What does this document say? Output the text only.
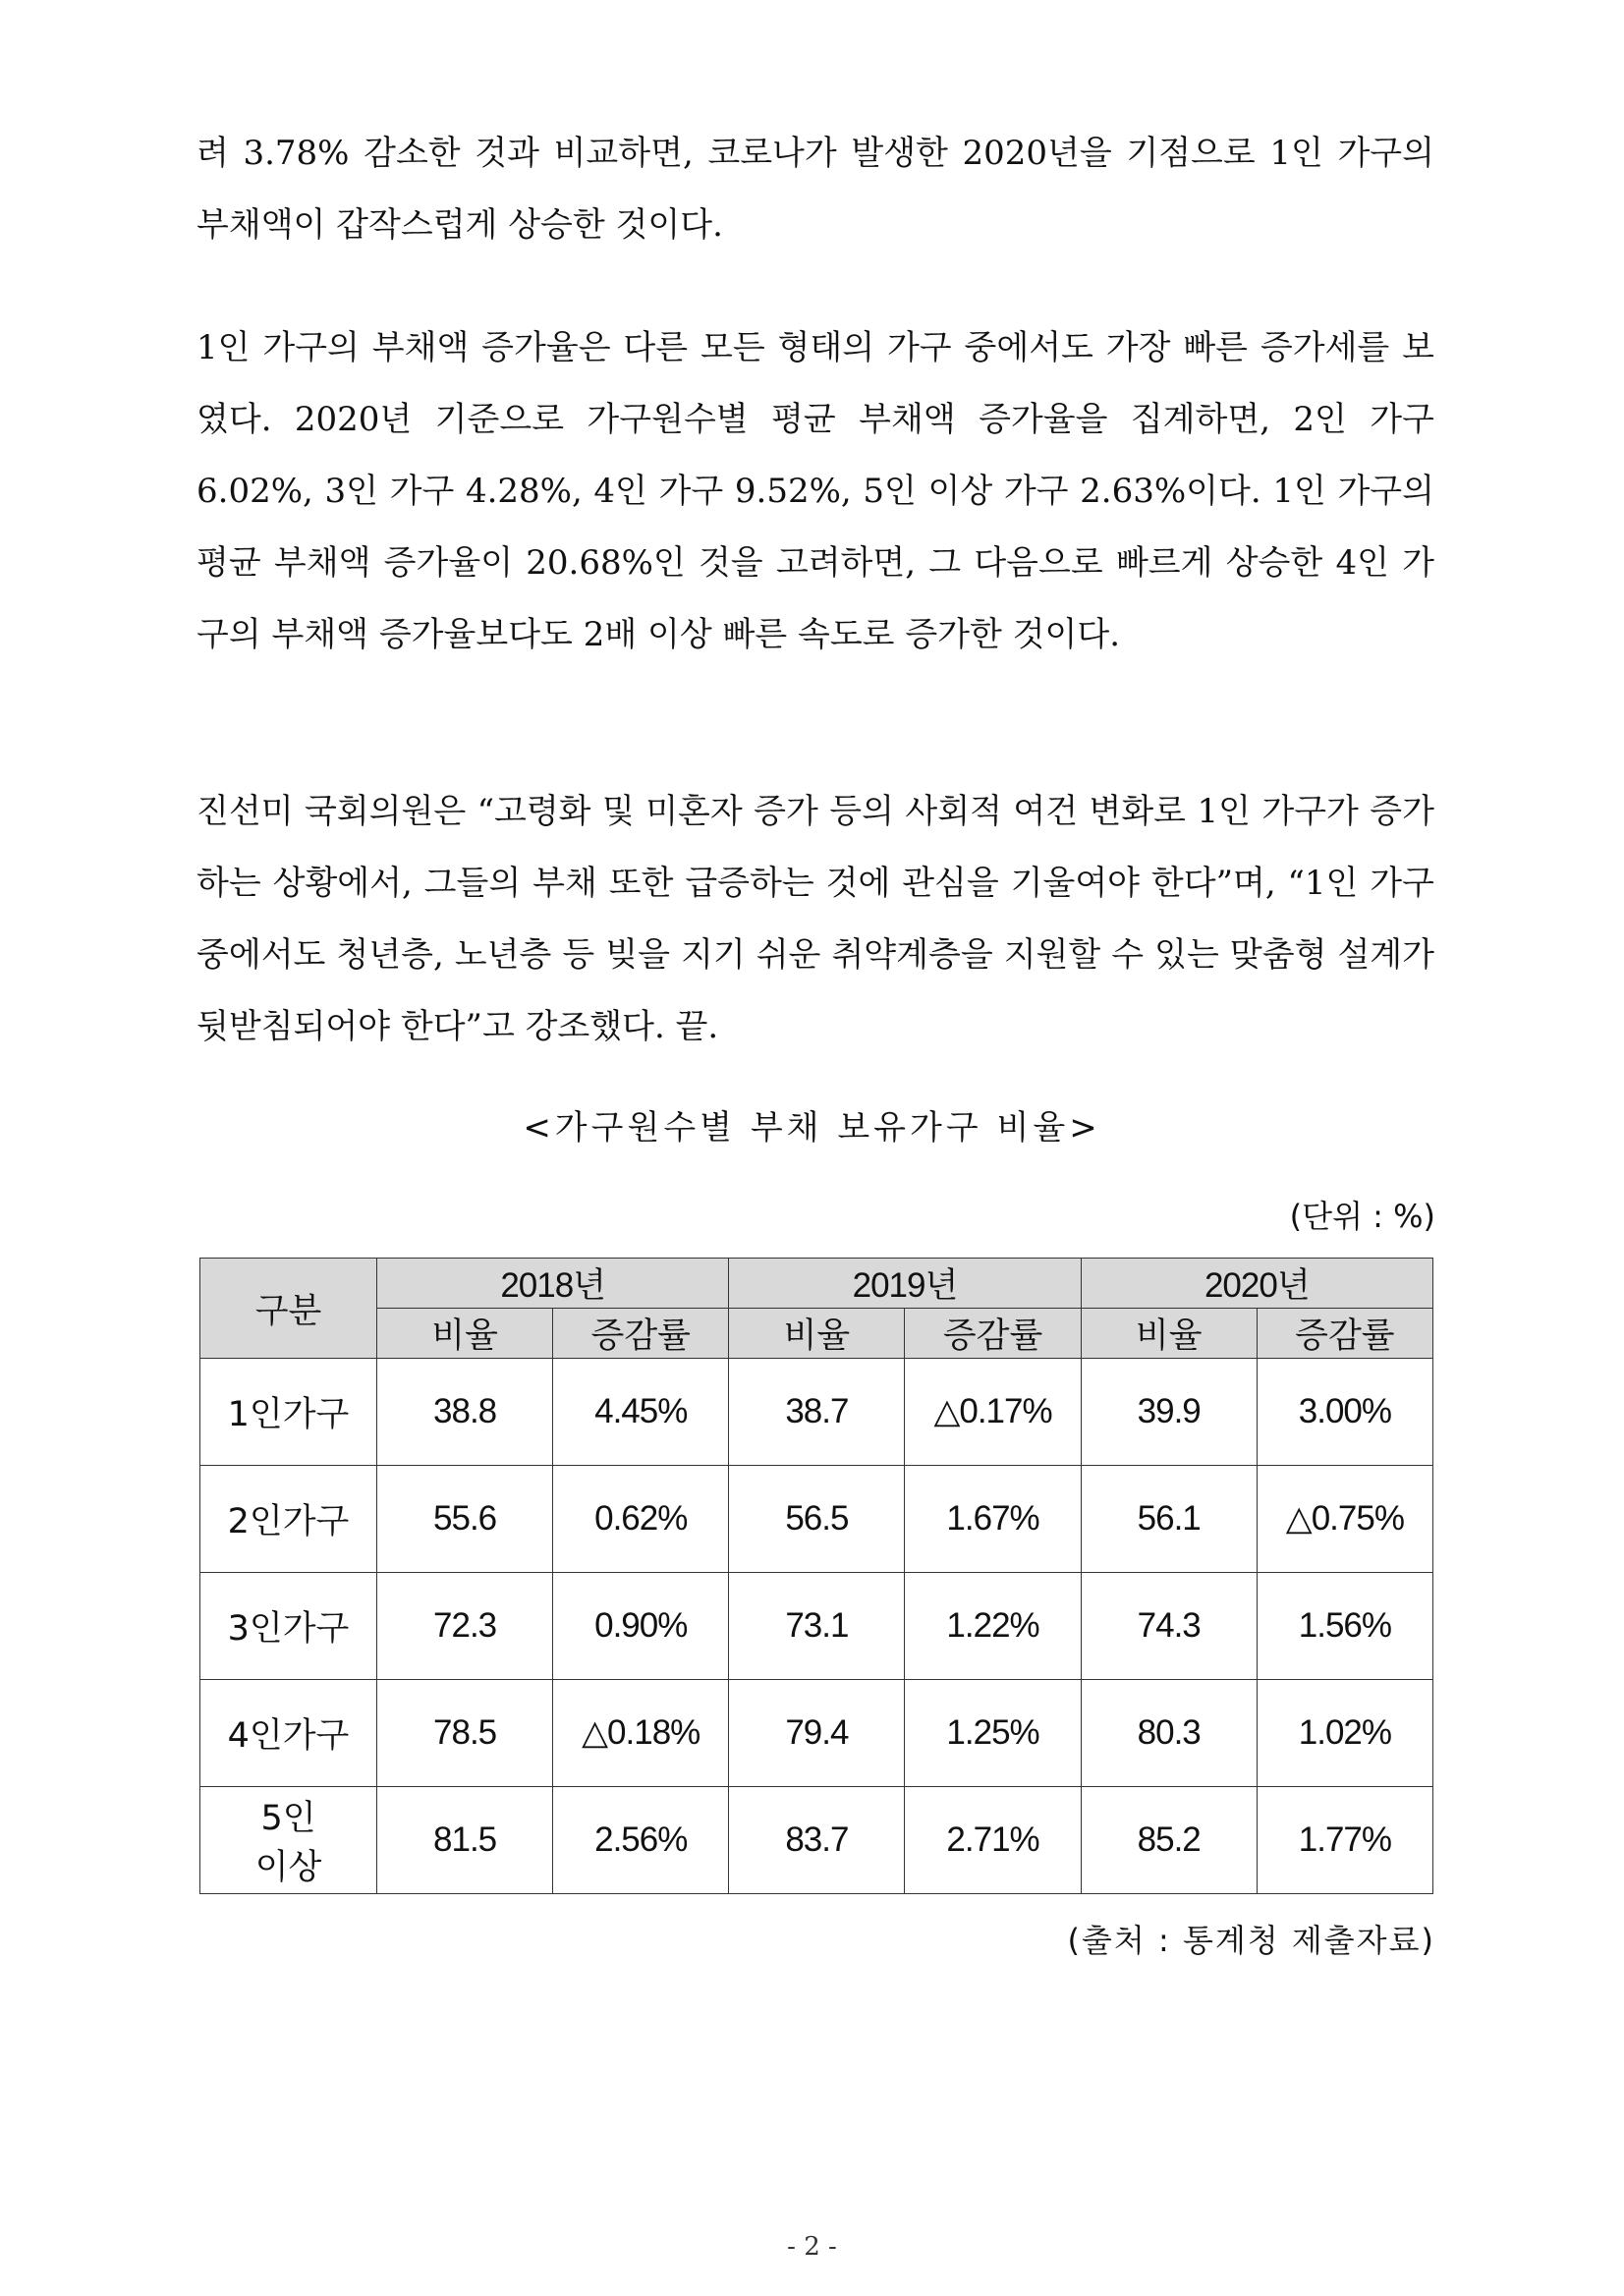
려 3.78% 감소한 것과 비교하면, 코로나가 발생한 2020년을 기점으로 1인 가구의 부채액이 갑작스럽게 상승한 것이다.

1인 가구의 부채액 증가율은 다른 모든 형태의 가구 중에서도 가장 빠른 증가세를 보였다. 2020년 기준으로 가구원수별 평균 부채액 증가율을 집계하면, 2인 가구 6.02%, 3인 가구 4.28%, 4인 가구 9.52%, 5인 이상 가구 2.63%이다. 1인 가구의 평균 부채액 증가율이 20.68%인 것을 고려하면, 그 다음으로 빠르게 상승한 4인 가구의 부채액 증가율보다도 2배 이상 빠른 속도로 증가한 것이다.

진선미 국회의원은 “고령화 및 미혼자 증가 등의 사회적 여건 변화로 1인 가구가 증가하는 상황에서, 그들의 부채 또한 급증하는 것에 관심을 기울여야 한다”며, “1인 가구 중에서도 청년층, 노년층 등 빚을 지기 쉬운 취약계층을 지원할 수 있는 맞춤형 설계가 뒷받침되어야 한다”고 강조했다. 끝.

<가구원수별 부채 보유가구 비율>

(단위 : %)

구분	2018년		2019년		2020년	
	비율	증감률	비율	증감률	비율	증감률
1인가구	38.8	4.45%	38.7	△0.17%	39.9	3.00%
2인가구	55.6	0.62%	56.5	1.67%	56.1	△0.75%
3인가구	72.3	0.90%	73.1	1.22%	74.3	1.56%
4인가구	78.5	△0.18%	79.4	1.25%	80.3	1.02%

5인
이상	81.5	2.56%	83.7	2.71%	85.2	1.77%

(출처 : 통계청 제출자료)

- 2 -
